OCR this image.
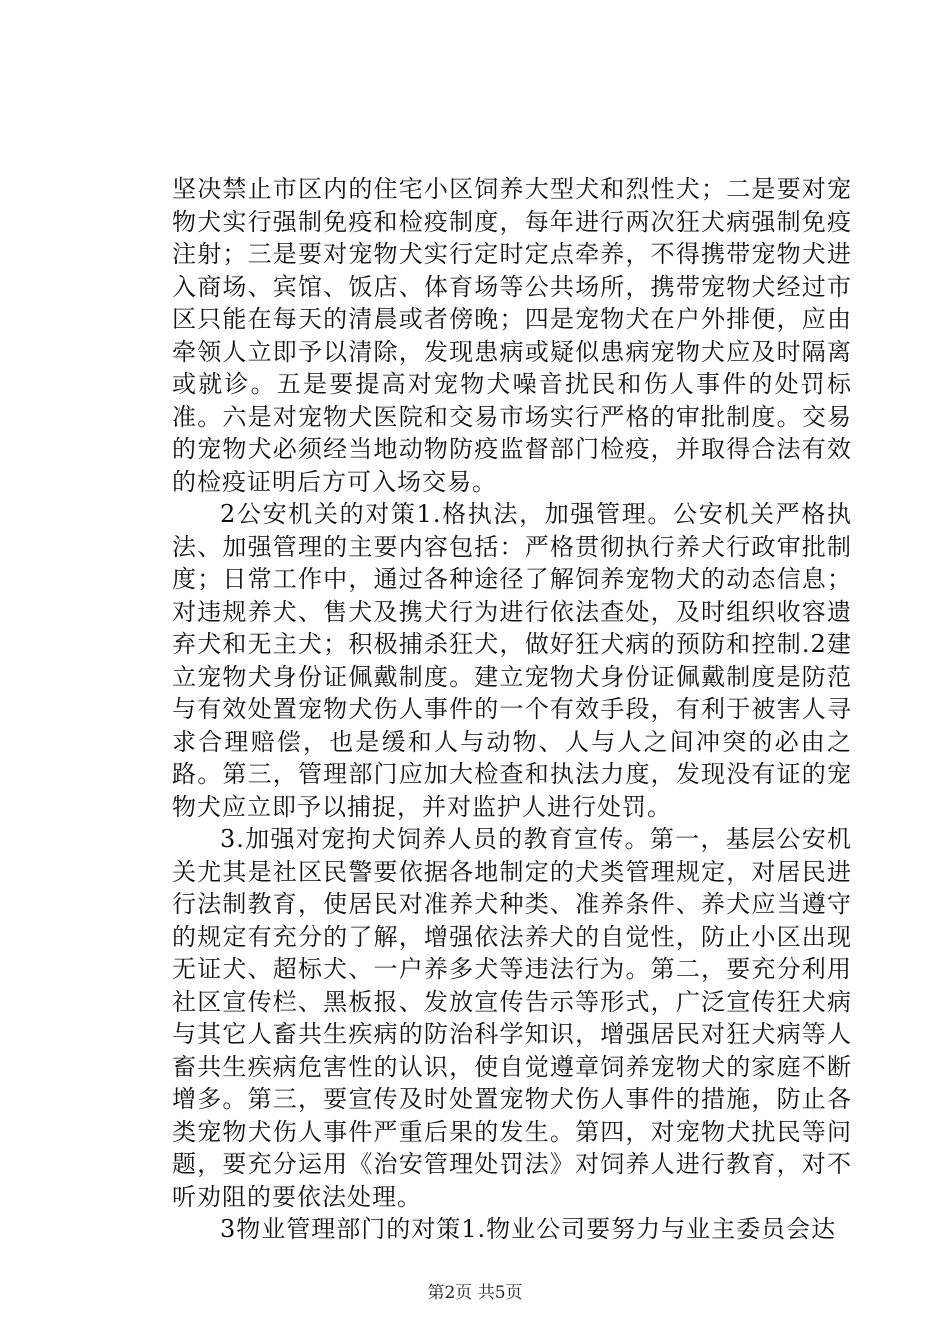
坚决禁止市区内的住宅小区饲养大型犬和烈性犬；二是要对宠物犬实行强制免疫和检疫制度，每年进行两次狂犬病强制免疫注射；三是要对宠物犬实行定时定点牵养，不得携带宠物犬进入商场、宾馆、饭店、体育场等公共场所，携带宠物犬经过市区只能在每天的清晨或者傍晚；四是宠物犬在户外排便，应由牵领人立即予以清除，发现患病或疑似患病宠物犬应及时隔离或就诊。五是要提高对宠物犬噪音扰民和伤人事件的处罚标准。六是对宠物犬医院和交易市场实行严格的审批制度。交易的宠物犬必须经当地动物防疫监督部门检疫，并取得合法有效的检疫证明后方可入场交易。

2公安机关的对策1.格执法，加强管理。公安机关严格执法、加强管理的主要内容包括：严格贯彻执行养犬行政审批制度；日常工作中，通过各种途径了解饲养宠物犬的动态信息；对违规养犬、售犬及携犬行为进行依法查处，及时组织收容遗弃犬和无主犬；积极捕杀狂犬，做好狂犬病的预防和控制.2建立宠物犬身份证佩戴制度。建立宠物犬身份证佩戴制度是防范与有效处置宠物犬伤人事件的一个有效手段，有利于被害人寻求合理赔偿，也是缓和人与动物、人与人之间冲突的必由之路。第三，管理部门应加大检查和执法力度，发现没有证的宠物犬应立即予以捕捉，并对监护人进行处罚。

3.加强对宠拘犬饲养人员的教育宣传。第一，基层公安机关尤其是社区民警要依据各地制定的犬类管理规定，对居民进行法制教育，使居民对准养犬种类、准养条件、养犬应当遵守的规定有充分的了解，增强依法养犬的自觉性，防止小区出现无证犬、超标犬、一户养多犬等违法行为。第二，要充分利用社区宣传栏、黑板报、发放宣传告示等形式，广泛宣传狂犬病与其它人畜共生疾病的防治科学知识，增强居民对狂犬病等人畜共生疾病危害性的认识，使自觉遵章饲养宠物犬的家庭不断增多。第三，要宣传及时处置宠物犬伤人事件的措施，防止各类宠物犬伤人事件严重后果的发生。第四，对宠物犬扰民等问题，要充分运用《治安管理处罚法》对饲养人进行教育，对不听劝阻的要依法处理。

3物业管理部门的对策1.物业公司要努力与业主委员会达

第2页 共5页
